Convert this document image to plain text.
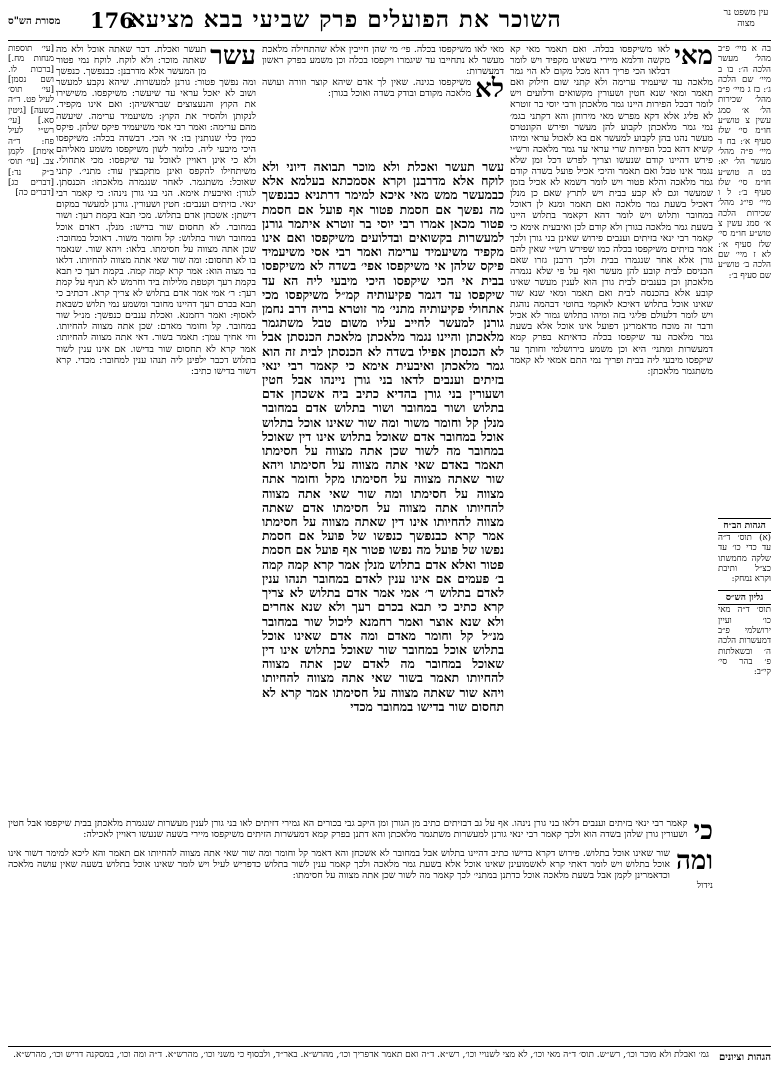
מסורת הש"ס 176
השוכר את הפועלים פרק שביעי בבא מציעא	עין משפט נר מצוה
בה א מיי׳ פ״ב מהל׳ מעשר הלכה ה׳: בו ב מיי׳ שם הלכה ג׳: בז ג מיי׳ פ״ב מהל׳ שכירות הל׳ א׳ סמג עשין צ טוש״ע חו״מ סי׳ שלז סעיף א׳: בח ד מיי׳ פ״ה מהל׳ מעשר הל׳ יא: בט ה טוש״ע חו״מ סי׳ שלז סעיף ב׳: ל ו מיי׳ פי״ג מהל׳ שכירות הלכה א׳ סמג עשין צ טוש״ע חו״מ סי׳ שלז סעיף א׳: לא ז מיי׳ שם הלכה ב׳ טוש״ע שם סעיף ב׳:
הגהות הב״ח
(א) תוס׳ ד״ה עד כדי כו׳ עד שלקה מחמשתו כצ״ל ותיבת וקרא נמחק:
גליון הש״ס
תוס׳ ד״ה מאי כו׳ ועיין ירושלמי פ״ב דמעשרות הלכה ה׳ ובשאלתות פ׳ בהר סי׳ קי״ב:
מאי
לאו משיקפסו בכלה. ואם תאמר מאי קא מקשה ודלמא מיירי בשאינו מקפיד ויש לומר דבלאו הכי פריך דהא מכל מקום לא הוי גמר מלאכה עד שיעמיד ערימה ולא קתני שום חילוק ואם תאמר ומאי שנא חטין ושעורין מקשואים ודלועים ויש לומר דבכל הפירות היינו גמר מלאכתן ורבי יוסי בר זוטרא לא פליג אלא דקא מפרש מאי מירוחן והא דקתני בגמ׳ נמי גמר מלאכתן לקבוע להן מעשר ופירש הקונטרס מעשר נהגו בהן לקבוע למעשר אם בא לאכול עראי ומיהו קשיא דהא בכל הפירות שרי עראי עד גמר מלאכה ורש״י פירש דהיינו קודם שנעשו וצריך לפרש דכל זמן שלא נגמר אינו טבל ואם תאמר והיכי אכיל פועל בשדה קודם גמר מלאכה והלא פטור ויש לומר דשמא לא אכיל בזמן שמעשר וגם לא קבע בבית ויש לתרץ שאם כן מנלן דאכיל בשעת גמר מלאכה ואם תאמר ומנא לן דאוכל במחובר ותלוש ויש לומר דהא דקאמר בתלוש היינו בשעת גמר מלאכה בגורן ולא קודם לכן ואיבעית אימא כי קאמר רבי ינאי בזיתים וענבים פירוש שאינן בני גורן ולכך אמר בזיתים משיקפסו בכלה כמו שפירש רש״י שאין להם גורן אלא אחר שנגמרו בבית ולכך דרבנן גזרו שאם הכניסם לבית קובע להן מעשר ואף על פי שלא נגמרה מלאכתן וכן בענבים לבית גורן הוא לענין מעשר שאינו קובע אלא בהכנסה לבית ואם תאמר ומאי שנא שור שאינו אוכל בתלוש דאיכא לאוקמי בחוטי דבהמה נוהגת ויש לומר דלעולם פליגי בזה ומיהו בתלוש גמור לא אכיל ודבר זה מוכח מדאמרינן דפועל אינו אוכל אלא בשעת גמר מלאכה עד שיקפסו בכלה כדאיתא בפרק קמא דמעשרות ומתני׳ היא וכן משמע בירושלמי וחותך עד שיקפסו מיבעי ליה בבית ופריך נמי התם אמאי לא קאמר משתגמר מלאכתן:
מאי לאו משיקפסו בכלה. פי׳ מי שהן חייבין אלא שהתחילה מלאכת מעשר לא נתחייבו עד שיגמרו ויקפסו בכלה וכן משמע בפרק ראשון דמעשרות:

לא
משיקפסו בגינה. שאין לך אדם שיהא קוצר וזורה ועושה מלאכה מקודם ובודק בשדה ואוכל בגורן:
עשר תעשר ואכלת ולא מוכר תבואה דיוני ולא לוקח אלא מדרבנן וקרא אסמכתא בעלמא אלא כבמעשר ממש מאי איכא למימר דרתניא כבנפשך מה נפשך אם חסמת פטור אף פועל אם חסמת פטור מכאן אמרו רבי יוסי בר זוטרא איתמר גורנן למעשרות בקשואים ובדלועים משיקפסו ואם אינו מקפיד משיעמיד ערימה ואמר רבי אסי משיעמיד פיקס שלהן אי משיקפסו אפי׳ בשדה לא משיקפסו בבית אי הכי שיקפסו היכי מיבעי ליה הא עד שיקפסו עד דגמר פקיעותיה קמ״ל משיקפסו מכי אתחולי פקיעותיה מתני׳ מר זוטרא בריה דרב נחמן גורנן למעשר לחייב עליו משום טבל משתגמר מלאכתן והיינו נגמר מלאכתן מלאכת הכנסתן אבל לא הכנסתן אפילו בשדה לא הכנסתן לבית זה הוא גמר מלאכתן ואיבעית אימא כי קאמר רבי ינאי בזיתים וענבים לדאו בני גורן ניינהו אבל חטין ושעורין בני גורן בהדיא כתיב ביה אשכחן אדם בתלוש ושור במחובר ושור בתלוש אדם במחובר מנלן קל וחומר משור ומה שור שאינו אוכל בתלוש אוכל במחובר אדם שאוכל בתלוש אינו דין שאוכל במחובר מה לשור שכן אתה מצווה על חסימתו תאמר באדם שאי אתה מצווה על חסימתו ויהא שור שאתה מצווה על חסימתו מקל וחומר אתה מצווה על חסימתו ומה שור שאי אתה מצווה להחיותו אתה מצווה על חסימתו אדם שאתה מצווה להחיותו אינו דין שאתה מצווה על חסימתו אמר קרא כבנפשך כנפשו של פועל אם חסמת נפשו של פועל מה נפשו פטור אף פועל אם חסמת פטור ואלא אדם בתלוש מנלן אמר קרא קמה קמה ב׳ פעמים אם אינו ענין לאדם במחובר תנהו ענין לאדם בתלוש ר׳ אמי אמר אדם בתלוש לא צריך קרא כתיב כי תבא בכרם רעך ולא שנא אחרים ולא שנא אוצר ואמר רחמנא ליכול שור במחובר מנ״ל קל וחומר מאדם ומה אדם שאינו אוכל בתלוש אוכל במחובר שור שאוכל בתלוש אינו דין שאוכל במחובר מה לאדם שכן אתה מצווה להחיותו תאמר בשור שאי אתה מצווה להחיותו ויהא שור שאתה מצווה על חסימתו אמר קרא לא תחסום שור בדישו במחובר מכדי
עשר
תעשר ואכלת. דבר שאתה אוכל ולא מה שאתה מוכר: ולא לוקח. לוקח נמי פטור מן המעשר אלא מדרבנן: כבנפשך. כנפשך ומה נפשך פטור: גורנן למעשרות. שיהא נקבע למעשר ושוב לא יאכל עראי עד שיעשר: משיקפסו. משישירו את הקוץ והנעצוצים שבראשיהן: ואם אינו מקפיד. לנקותן ולהסיר את הקוץ: משיעמיד ערימה. שיעשה מהם ערימה: ואמר רבי אסי משיעמיד פיקס שלהן. פיקס כמין כלי שנותנין בו: אי הכי. דבשדה בכלה: משיקפסו היכי מיבעי ליה. כלומר לשון משיקפסו משמע מאליהם ולא כי אינן ראויין לאוכל עד שיקפסו: מכי אתחולי. משיתחילו להקפס ואינן מתקבצין עוד: מתני׳. קתני שאוכל: משתגמר. לאחר שנגמרה מלאכתו: הכנסתן. לגורן: ואיבעית אימא. הני בני גורן נינהו: כי קאמר רבי ינאי. בזיתים וענבים: חטין ושעורין. גורנן למעשר במקום דישתן: אשכחן אדם בתלוש. מכי תבא בקמת רעך: ושור במחובר. לא תחסום שור בדישו: מנלן. דאדם אוכל במחובר ושור בתלוש: קל וחומר משור. דאוכל במחובר: שכן אתה מצווה על חסימתו. בלאו: ויהא שור. שנאמר בו לא תחסום: ומה שור שאי אתה מצווה להחיותו. דלאו בר מצוה הוא: אמר קרא קמה קמה. בקמת רעך כי תבא בקמת רעך וקטפת מלילות ביד וחרמש לא תניף על קמת רעך: ר׳ אמי אמר אדם בתלוש לא צריך קרא. דכתיב כי תבא בכרם רעך דהיינו מחובר ומשמע נמי תלוש כשבאת לאסוף: ואמר רחמנא. ואכלת ענבים כנפשך: מנ״ל שור במחובר. קל וחומר מאדם: שכן אתה מצווה להחיותו. וחי אחיך עמך: תאמר בשור. דאי אתה מצווה להחיותו: אמר קרא לא תחסום שור בדישו. אם אינו ענין לשור בתלוש דכבר ילפינן ליה תנהו ענין למחובר: מכדי. קרא דשור בדישו כתיב:
[עי׳ תוספות מנחות מח.] [ברכות לו. ושם נסמן] [עי׳ תוס׳ לעיל פט. ד״ה בשעה] [גיטין סא.] [עי׳ רש״י לעיל פח: ד״ה אימת] לקמן צב. [עי׳ תוס׳ ב״ק נד:] [דברים כג] [דברים כה]
כי
קאמר רבי ינאי בזיתים וענבים דלאו בני גורן נינהו. אף על גב דבזיתים כתיב מן הגורן ומן היקב גבי בכורים הא גמירי דזיתים לאו בני גורן לענין מעשרות שנגמרת מלאכתן בבית שיקפסו אבל חטין ושעורין גורן שלהן בשדה הוא ולכך קאמר רבי ינאי גורנן למעשרות משתגמר מלאכתן והא דתנן בפרק קמא דמעשרות הזיתים משיקפסו מיירי בשעה שנעשו ראויין לאכילה:
ומה
שור שאינו אוכל בתלוש. פירוש דקרא בדישו כתיב דהיינו בתלוש אבל במחובר לא אשכחן והא דאמר קל וחומר ומה שור שאי אתה מצווה להחיותו אם תאמר והא ליכא למימר דשור אינו אוכל בתלוש ויש לומר דאתי קרא לאשמועינן שאינו אוכל אלא בשעת גמר מלאכה ולכך קאמר ענין לשור בתלוש כדפריש לעיל ויש לומר שאינו אוכל בתלוש בשעה שאין עושה מלאכה וכדאמרינן לקמן אבל בשעת מלאכה אוכל כדתנן במתני׳ לכך קאמר מה לשור שכן אתה מצווה על חסימתו:
נידול
הגהות וציונים
גמ׳ ואבלת ולא מוכר וכו׳, רש״ש. תוס׳ ד״ה מאי וכו׳, לא מצי לשנויי וכו׳, רש״א. ד״ה ואם תאמר אדפריך וכו׳, מהרש״א. באר״ד, ולבסוף כי משני וכו׳, מהרש״א. ד״ה ומה וכו׳, במסקנה דריש וכו׳, מהרש״א.
